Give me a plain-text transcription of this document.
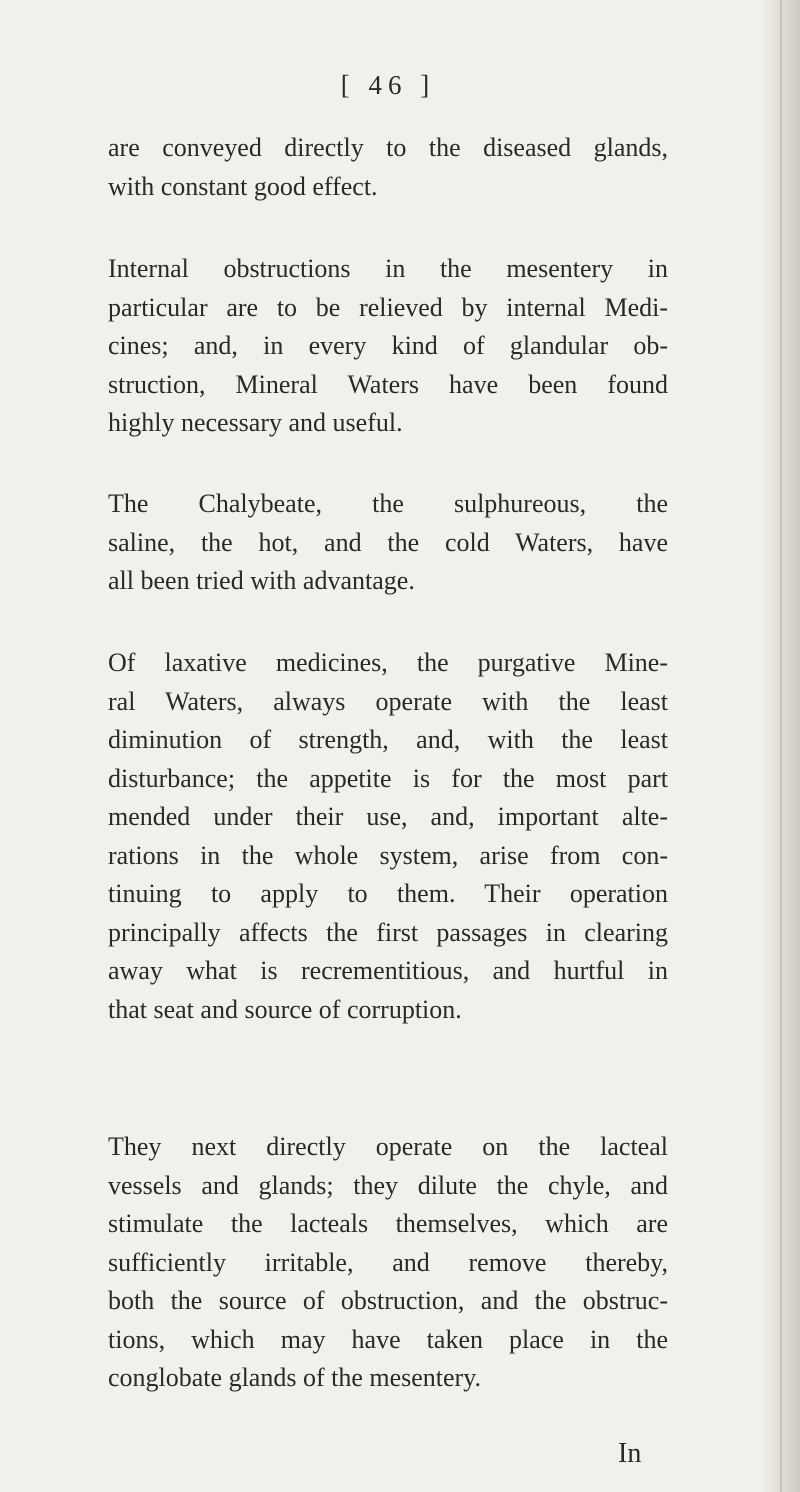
[ 46 ]
are conveyed directly to the diseased glands,
with constant good effect.
Internal obstructions in the mesentery in
particular are to be relieved by internal Medi-
cines; and, in every kind of glandular ob-
struction, Mineral Waters have been found
highly necessary and useful.
The Chalybeate, the sulphureous, the
saline, the hot, and the cold Waters, have
all been tried with advantage.
Of laxative medicines, the purgative Mine-
ral Waters, always operate with the least
diminution of strength, and, with the least
disturbance; the appetite is for the most part
mended under their use, and, important alte-
rations in the whole system, arise from con-
tinuing to apply to them. Their operation
principally affects the first passages in clearing
away what is recrementitious, and hurtful in
that seat and source of corruption.
They next directly operate on the lacteal
vessels and glands; they dilute the chyle, and
stimulate the lacteals themselves, which are
sufficiently irritable, and remove thereby,
both the source of obstruction, and the obstruc-
tions, which may have taken place in the
conglobate glands of the mesentery.
In
